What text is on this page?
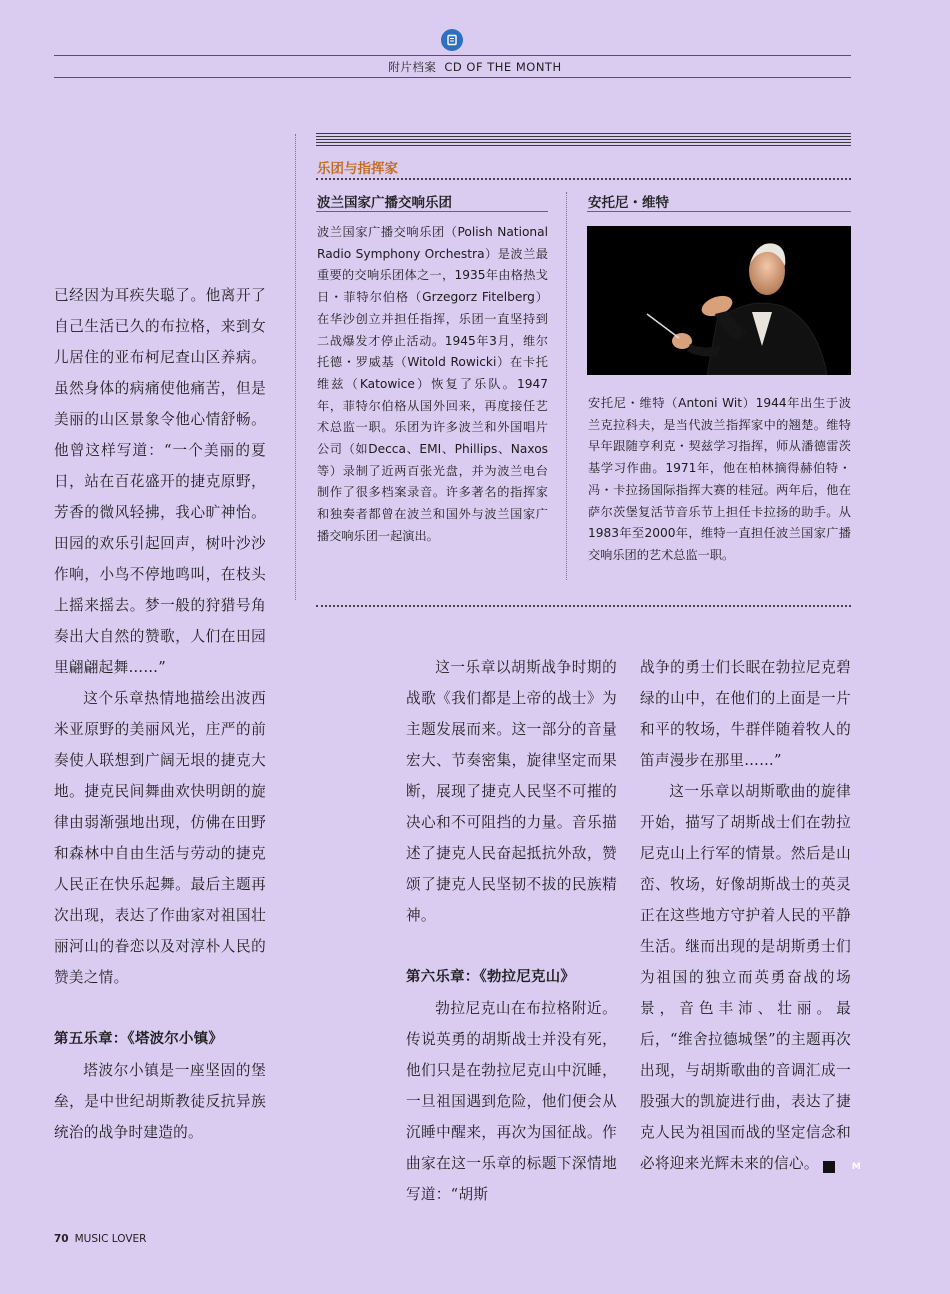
附片档案 CD OF THE MONTH

已经因为耳疾失聪了。他离开了自己生活已久的布拉格，来到女儿居住的亚布柯尼查山区养病。虽然身体的病痛使他痛苦，但是美丽的山区景象令他心情舒畅。他曾这样写道：“一个美丽的夏日，站在百花盛开的捷克原野，芳香的微风轻拂，我心旷神怡。田园的欢乐引起回声，树叶沙沙作响，小鸟不停地鸣叫，在枝头上摇来摇去。梦一般的狩猎号角奏出大自然的赞歌，人们在田园里翩翩起舞……”

这个乐章热情地描绘出波西米亚原野的美丽风光，庄严的前奏使人联想到广阔无垠的捷克大地。捷克民间舞曲欢快明朗的旋律由弱渐强地出现，仿佛在田野和森林中自由生活与劳动的捷克人民正在快乐起舞。最后主题再次出现，表达了作曲家对祖国壮丽河山的眷恋以及对淳朴人民的赞美之情。

第五乐章：《塔波尔小镇》

塔波尔小镇是一座坚固的堡垒，是中世纪胡斯教徒反抗异族统治的战争时建造的。

乐团与指挥家
波兰国家广播交响乐团
波兰国家广播交响乐团（Polish National Radio Symphony Orchestra）是波兰最重要的交响乐团体之一，1935年由格热戈日・菲特尔伯格（Grzegorz Fitelberg）在华沙创立并担任指挥，乐团一直坚持到二战爆发才停止活动。1945年3月，维尔托德・罗威基（Witold Rowicki）在卡托维兹（Katowice）恢复了乐队。1947年，菲特尔伯格从国外回来，再度接任艺术总监一职。乐团为许多波兰和外国唱片公司（如Decca、EMI、Phillips、Naxos等）录制了近两百张光盘，并为波兰电台制作了很多档案录音。许多著名的指挥家和独奏者都曾在波兰和国外与波兰国家广播交响乐团一起演出。
安托尼・维特
安托尼・维特（Antoni Wit）1944年出生于波兰克拉科夫，是当代波兰指挥家中的翘楚。维特早年跟随亨利克・契兹学习指挥，师从潘德雷茨基学习作曲。1971年，他在柏林摘得赫伯特・冯・卡拉扬国际指挥大赛的桂冠。两年后，他在萨尔茨堡复活节音乐节上担任卡拉扬的助手。从1983年至2000年，维特一直担任波兰国家广播交响乐团的艺术总监一职。

这一乐章以胡斯战争时期的战歌《我们都是上帝的战士》为主题发展而来。这一部分的音量宏大、节奏密集，旋律坚定而果断，展现了捷克人民坚不可摧的决心和不可阻挡的力量。音乐描述了捷克人民奋起抵抗外敌，赞颂了捷克人民坚韧不拔的民族精神。

第六乐章：《勃拉尼克山》

勃拉尼克山在布拉格附近。传说英勇的胡斯战士并没有死，他们只是在勃拉尼克山中沉睡，一旦祖国遇到危险，他们便会从沉睡中醒来，再次为国征战。作曲家在这一乐章的标题下深情地写道：“胡斯

战争的勇士们长眠在勃拉尼克碧绿的山中，在他们的上面是一片和平的牧场，牛群伴随着牧人的笛声漫步在那里……”

这一乐章以胡斯歌曲的旋律开始，描写了胡斯战士们在勃拉尼克山上行军的情景。然后是山峦、牧场，好像胡斯战士的英灵正在这些地方守护着人民的平静生活。继而出现的是胡斯勇士们为祖国的独立而英勇奋战的场景，音色丰沛、壮丽。最后，“维舍拉德城堡”的主题再次出现，与胡斯歌曲的音调汇成一股强大的凯旋进行曲，表达了捷克人民为祖国而战的坚定信念和必将迎来光辉未来的信心。	M

70 MUSIC LOVER
